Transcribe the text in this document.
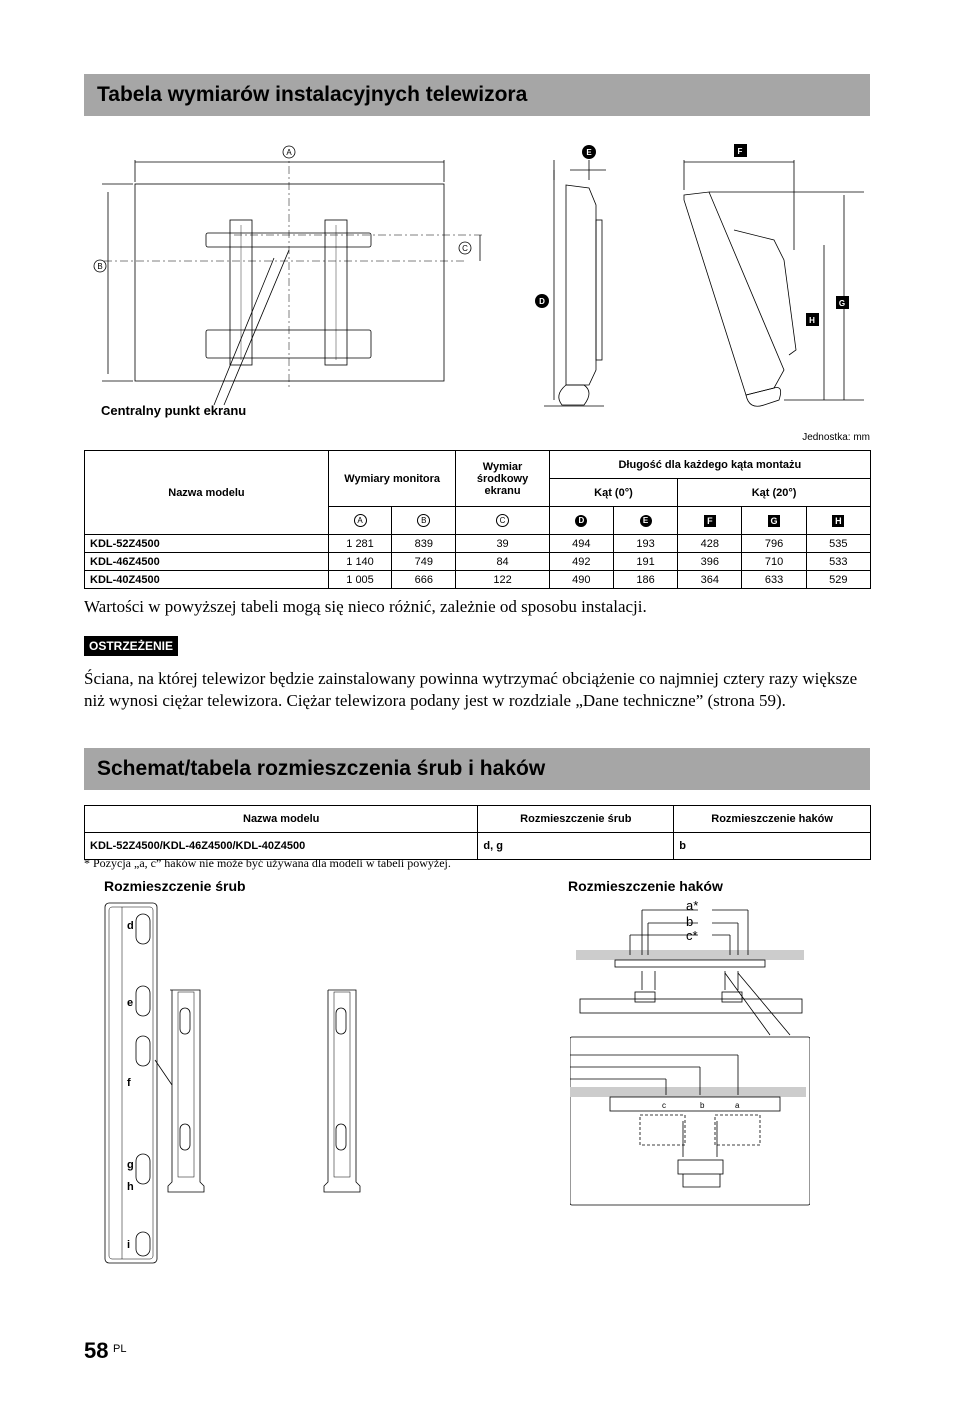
Tabela wymiarów instalacyjnych telewizora
A
B
C
D
E	F
G
H
Centralny punkt ekranu
Jednostka: mm
Nazwa modelu	Wymiary monitora		Wymiar środkowy ekranu	Długość dla każdego kąta montażu				
				Kąt (0°)		Kąt (20°)		
	A	B	C	D	E	F	G	H
KDL-52Z4500	1 281	839	39	494	193	428	796	535
KDL-46Z4500	1 140	749	84	492	191	396	710	533
KDL-40Z4500	1 005	666	122	490	186	364	633	529
Wartości w powyższej tabeli mogą się nieco różnić, zależnie od sposobu instalacji.
OSTRZEŻENIE
Ściana, na której telewizor będzie zainstalowany powinna wytrzymać obciążenie co najmniej cztery razy większe niż wynosi ciężar telewizora. Ciężar telewizora podany jest w rozdziale „Dane techniczne” (strona 59).
Schemat/tabela rozmieszczenia śrub i haków
Nazwa modelu	Rozmieszczenie śrub	Rozmieszczenie haków
KDL-52Z4500/KDL-46Z4500/KDL-40Z4500	d, g	b
* Pozycja „a, c” haków nie może być używana dla modeli w tabeli powyżej.
Rozmieszczenie śrub	Rozmieszczenie haków
d
e
f
g
h
i
a*
b
c*
c	b	a
58 PL
